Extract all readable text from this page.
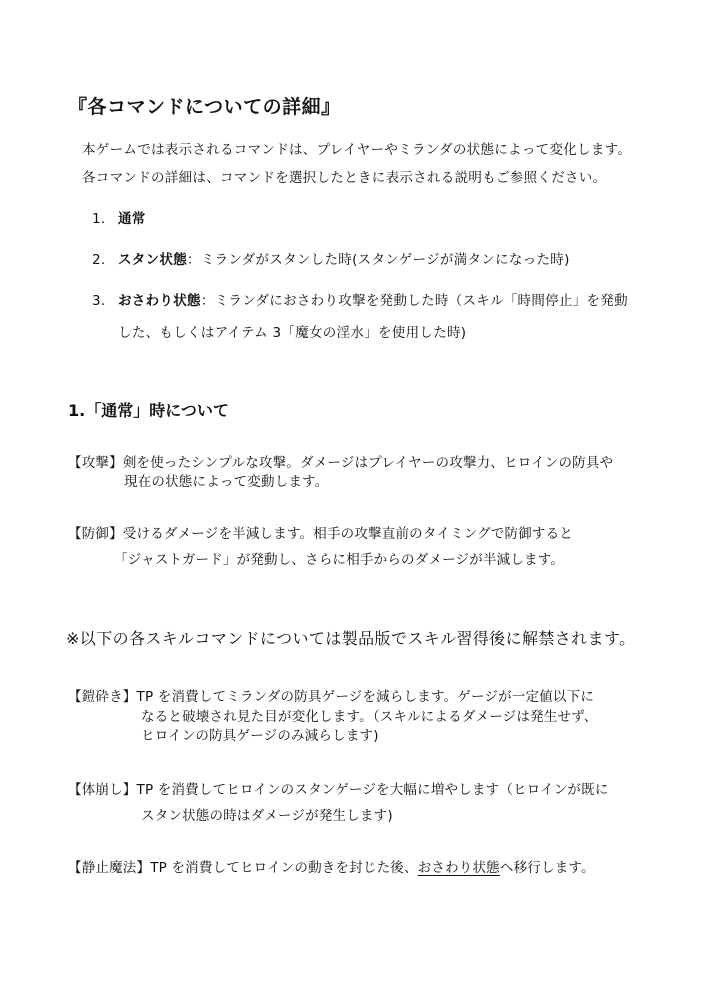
『各コマンドについての詳細』
本ゲームでは表示されるコマンドは、プレイヤーやミランダの状態によって変化します。
各コマンドの詳細は、コマンドを選択したときに表示される説明もご参照ください。
1. 通常
2. スタン状態：ミランダがスタンした時(スタンゲージが満タンになった時)
3. おさわり状態：ミランダにおさわり攻撃を発動した時（スキル「時間停止」を発動
した、もしくはアイテム 3「魔女の淫水」を使用した時)
1.「通常」時について
【攻撃】剣を使ったシンプルな攻撃。ダメージはプレイヤーの攻撃力、ヒロインの防具や
現在の状態によって変動します。
【防御】受けるダメージを半減します。相手の攻撃直前のタイミングで防御すると
「ジャストガード」が発動し、さらに相手からのダメージが半減します。
※以下の各スキルコマンドについては製品版でスキル習得後に解禁されます。
【鎧砕き】TP を消費してミランダの防具ゲージを減らします。ゲージが一定値以下に
なると破壊され見た目が変化します。（スキルによるダメージは発生せず、
ヒロインの防具ゲージのみ減らします)
【体崩し】TP を消費してヒロインのスタンゲージを大幅に増やします（ヒロインが既に
スタン状態の時はダメージが発生します)
【静止魔法】TP を消費してヒロインの動きを封じた後、おさわり状態へ移行します。
